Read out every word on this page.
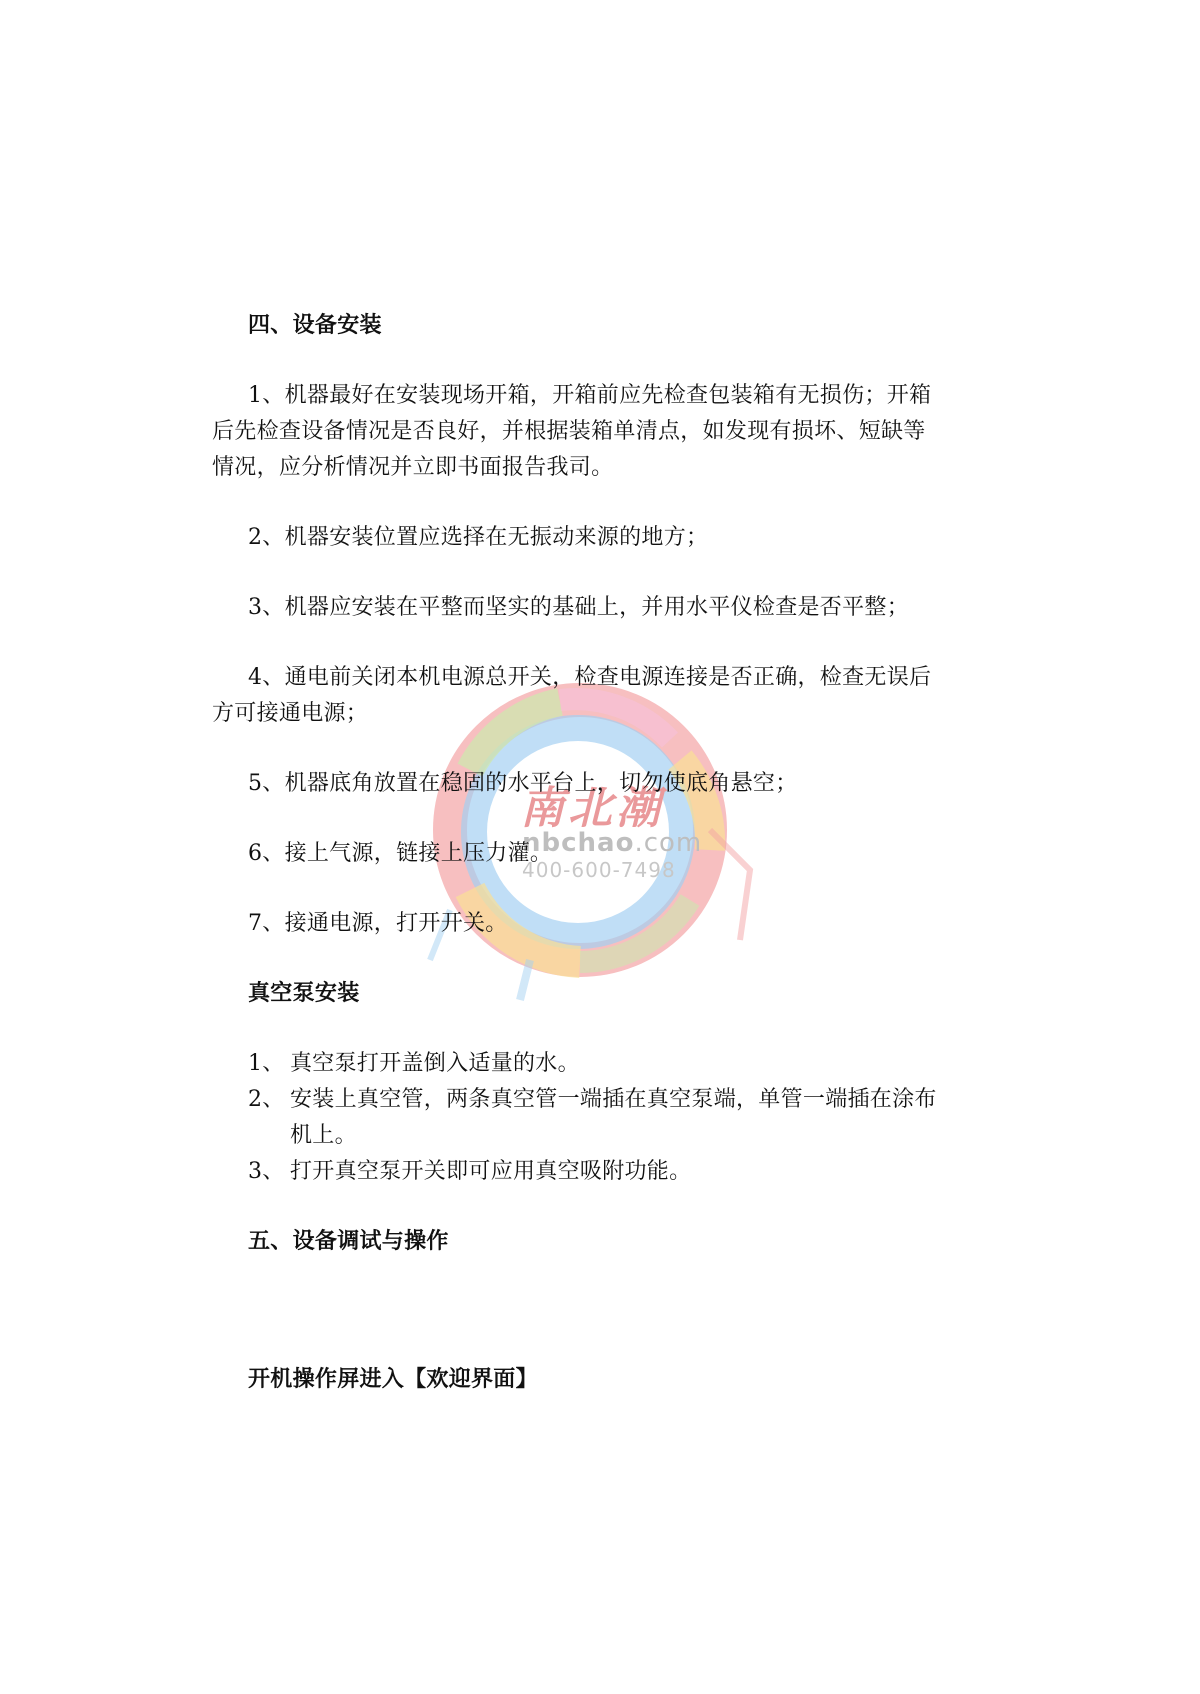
南北潮
nbchao.com
400-600-7498
四、设备安装
1、机器最好在安装现场开箱，开箱前应先检查包装箱有无损伤；开箱
后先检查设备情况是否良好，并根据装箱单清点，如发现有损坏、短缺等
情况，应分析情况并立即书面报告我司。
2、机器安装位置应选择在无振动来源的地方；
3、机器应安装在平整而坚实的基础上，并用水平仪检查是否平整；
4、通电前关闭本机电源总开关，检查电源连接是否正确，检查无误后
方可接通电源；
5、机器底角放置在稳固的水平台上，切勿使底角悬空；
6、接上气源，链接上压力灌。
7、接通电源，打开开关。
真空泵安装
1、 真空泵打开盖倒入适量的水。
2、 安装上真空管，两条真空管一端插在真空泵端，单管一端插在涂布
机上。
3、 打开真空泵开关即可应用真空吸附功能。
五、设备调试与操作
开机操作屏进入【欢迎界面】
